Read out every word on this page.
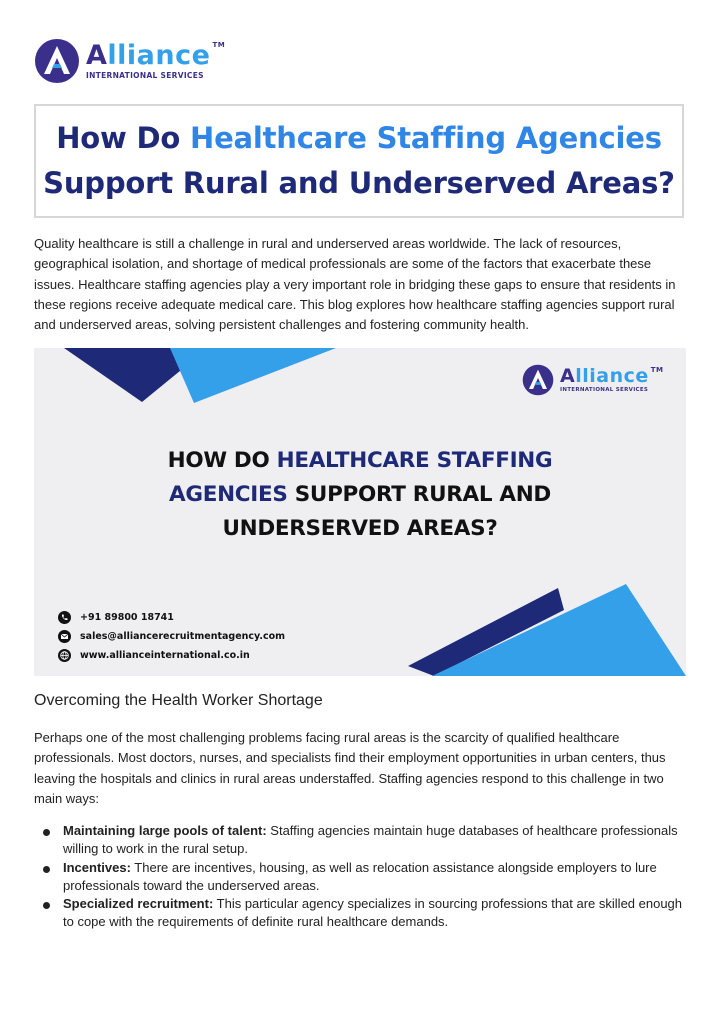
Alliance ™
INTERNATIONAL SERVICES
How Do Healthcare Staffing Agencies
Support Rural and Underserved Areas?

Quality healthcare is still a challenge in rural and underserved areas worldwide. The lack of resources, geographical isolation, and shortage of medical professionals are some of the factors that exacerbate these issues. Healthcare staffing agencies play a very important role in bridging these gaps to ensure that residents in these regions receive adequate medical care. This blog explores how healthcare staffing agencies support rural and underserved areas, solving persistent challenges and fostering community health.

Alliance ™
INTERNATIONAL SERVICES
HOW DO HEALTHCARE STAFFING
AGENCIES SUPPORT RURAL AND
UNDERSERVED AREAS?
+91 89800 18741
sales@alliancerecruitmentagency.com
www.allianceinternational.co.in
Overcoming the Health Worker Shortage

Perhaps one of the most challenging problems facing rural areas is the scarcity of qualified healthcare professionals. Most doctors, nurses, and specialists find their employment opportunities in urban centers, thus leaving the hospitals and clinics in rural areas understaffed. Staffing agencies respond to this challenge in two main ways:

Maintaining large pools of talent: Staffing agencies maintain huge databases of healthcare professionals willing to work in the rural setup.
Incentives: There are incentives, housing, as well as relocation assistance alongside employers to lure professionals toward the underserved areas.
Specialized recruitment: This particular agency specializes in sourcing professions that are skilled enough to cope with the requirements of definite rural healthcare demands.
